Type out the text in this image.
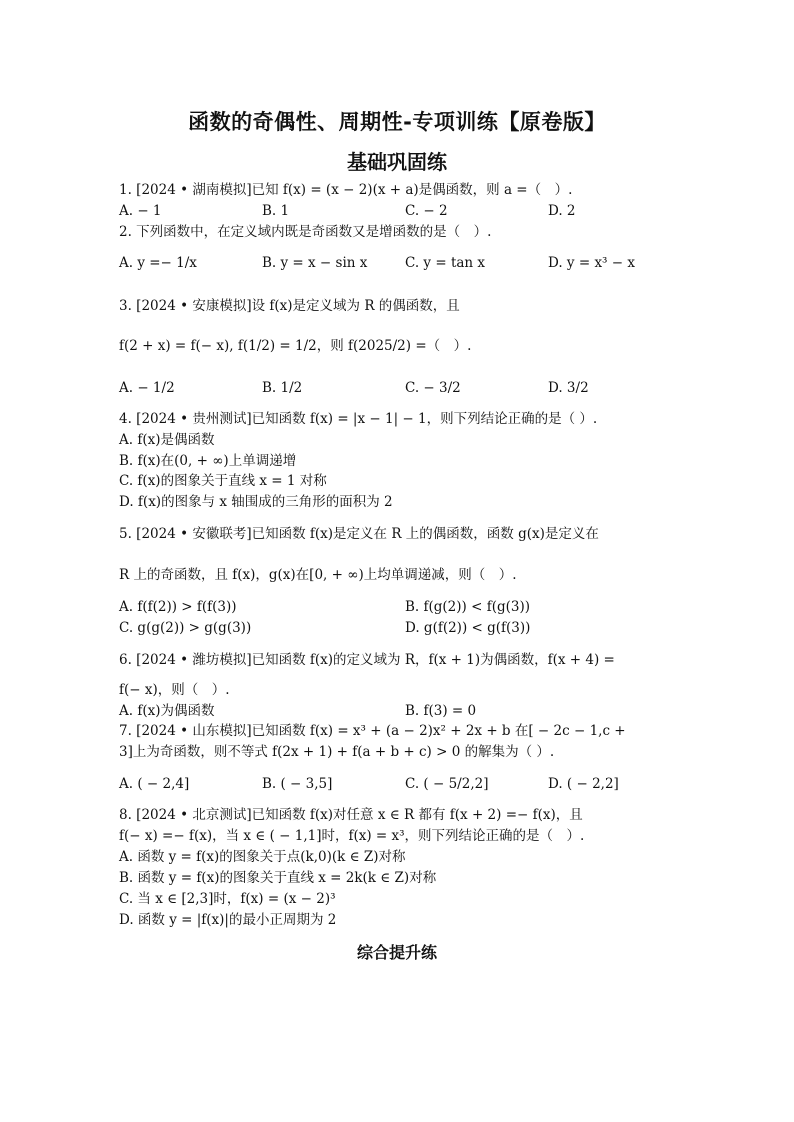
函数的奇偶性、周期性-专项训练【原卷版】
基础巩固练
1. [2024 • 湖南模拟]已知 f(x) = (x − 2)(x + a)是偶函数，则 a =（　）.
A. − 1	B. 1	C. − 2	D. 2
2. 下列函数中，在定义域内既是奇函数又是增函数的是（　）.
A. y =− 1/x	B. y = x − sin x	C. y = tan x	D. y = x³ − x
3. [2024 • 安康模拟]设 f(x)是定义域为 R 的偶函数，且
f(2 + x) = f(− x), f(1/2) = 1/2，则 f(2025/2) =（　）.
A. − 1/2	B. 1/2	C. − 3/2	D. 3/2
4. [2024 • 贵州测试]已知函数 f(x) = |x − 1| − 1，则下列结论正确的是（ ）.
A. f(x)是偶函数
B. f(x)在(0, + ∞)上单调递增
C. f(x)的图象关于直线 x = 1 对称
D. f(x)的图象与 x 轴围成的三角形的面积为 2
5. [2024 • 安徽联考]已知函数 f(x)是定义在 R 上的偶函数，函数 g(x)是定义在
R 上的奇函数，且 f(x)，g(x)在[0, + ∞)上均单调递减，则（　）.
A. f(f(2)) > f(f(3))	B. f(g(2)) < f(g(3))
C. g(g(2)) > g(g(3))	D. g(f(2)) < g(f(3))
6. [2024 • 潍坊模拟]已知函数 f(x)的定义域为 R，f(x + 1)为偶函数，f(x + 4) =
f(− x)，则（　）.
A. f(x)为偶函数	B. f(3) = 0
7. [2024 • 山东模拟]已知函数 f(x) = x³ + (a − 2)x² + 2x + b 在[ − 2c − 1,c +
3]上为奇函数，则不等式 f(2x + 1) + f(a + b + c) > 0 的解集为（ ）.
A. ( − 2,4]	B. ( − 3,5]	C. ( − 5/2,2]	D. ( − 2,2]
8. [2024 • 北京测试]已知函数 f(x)对任意 x ∈ R 都有 f(x + 2) =− f(x)，且
f(− x) =− f(x)，当 x ∈ ( − 1,1]时，f(x) = x³，则下列结论正确的是（　）.
A. 函数 y = f(x)的图象关于点(k,0)(k ∈ Z)对称
B. 函数 y = f(x)的图象关于直线 x = 2k(k ∈ Z)对称
C. 当 x ∈ [2,3]时，f(x) = (x − 2)³
D. 函数 y = |f(x)|的最小正周期为 2
综合提升练
